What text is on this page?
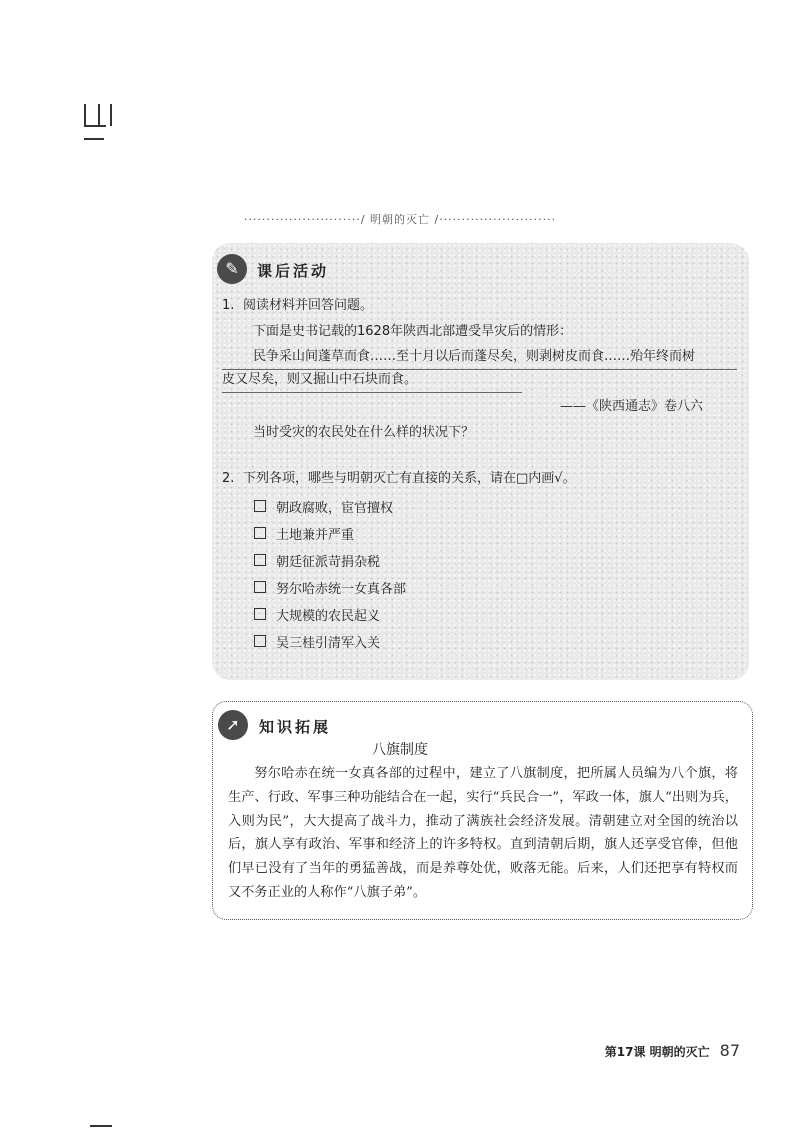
··························/ 明朝的灭亡 /··························
✎	课后活动
1. 阅读材料并回答问题。
下面是史书记载的1628年陕西北部遭受旱灾后的情形：
民争采山间蓬草而食……至十月以后而蓬尽矣，则剥树皮而食……殆年终而树
皮又尽矣，则又掘山中石块而食。
——《陕西通志》卷八六
当时受灾的农民处在什么样的状况下？
2. 下列各项，哪些与明朝灭亡有直接的关系，请在□内画√。
朝政腐败，宦官擅权
土地兼并严重
朝廷征派苛捐杂税
努尔哈赤统一女真各部
大规模的农民起义
吴三桂引清军入关
➚	知识拓展
八旗制度
努尔哈赤在统一女真各部的过程中，建立了八旗制度，把所属人员编为八个旗，将生产、行政、军事三种功能结合在一起，实行“兵民合一”，军政一体，旗人“出则为兵，入则为民”，大大提高了战斗力，推动了满族社会经济发展。清朝建立对全国的统治以后，旗人享有政治、军事和经济上的许多特权。直到清朝后期，旗人还享受官俸，但他们早已没有了当年的勇猛善战，而是养尊处优，败落无能。后来，人们还把享有特权而又不务正业的人称作“八旗子弟”。
第17课 明朝的灭亡 87
